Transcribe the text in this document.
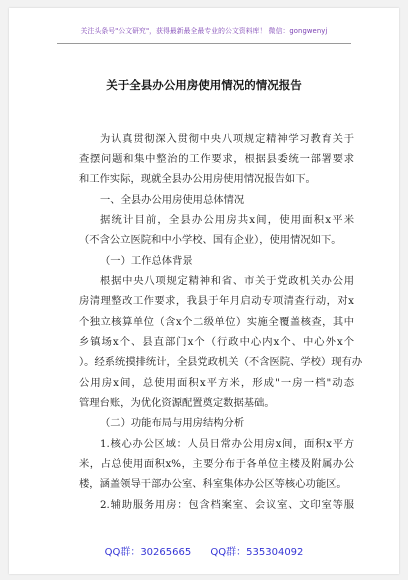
关注头条号"公文研究"，获得最新最全最专业的公文资料库！ 微信：gongwenyj
关于全县办公用房使用情况的情况报告
为认真贯彻深入贯彻中央八项规定精神学习教育关于
查摆问题和集中整治的工作要求，根据县委统一部署要求
和工作实际，现就全县办公用房使用情况报告如下。
一、全县办公用房使用总体情况
据统计目前，全县办公用房共x间，使用面积x平米
（不含公立医院和中小学校、国有企业），使用情况如下。
（一）工作总体背景
根据中央八项规定精神和省、市关于党政机关办公用
房清理整改工作要求，我县于年月启动专项清查行动，对x
个独立核算单位（含x个二级单位）实施全覆盖核查，其中
乡镇场x个、县直部门x个（行政中心内x个、中心外x个
）。经系统摸排统计，全县党政机关（不含医院、学校）现有办
公用房x间，总使用面积x平方米，形成"一房一档"动态
管理台账，为优化资源配置奠定数据基础。
（二）功能布局与用房结构分析
1.核心办公区域：人员日常办公用房x间，面积x平方
米，占总使用面积x%，主要分布于各单位主楼及附属办公
楼，涵盖领导干部办公室、科室集体办公区等核心功能区。
2.辅助服务用房：包含档案室、会议室、文印室等服
QQ群：30265665 QQ群：535304092
